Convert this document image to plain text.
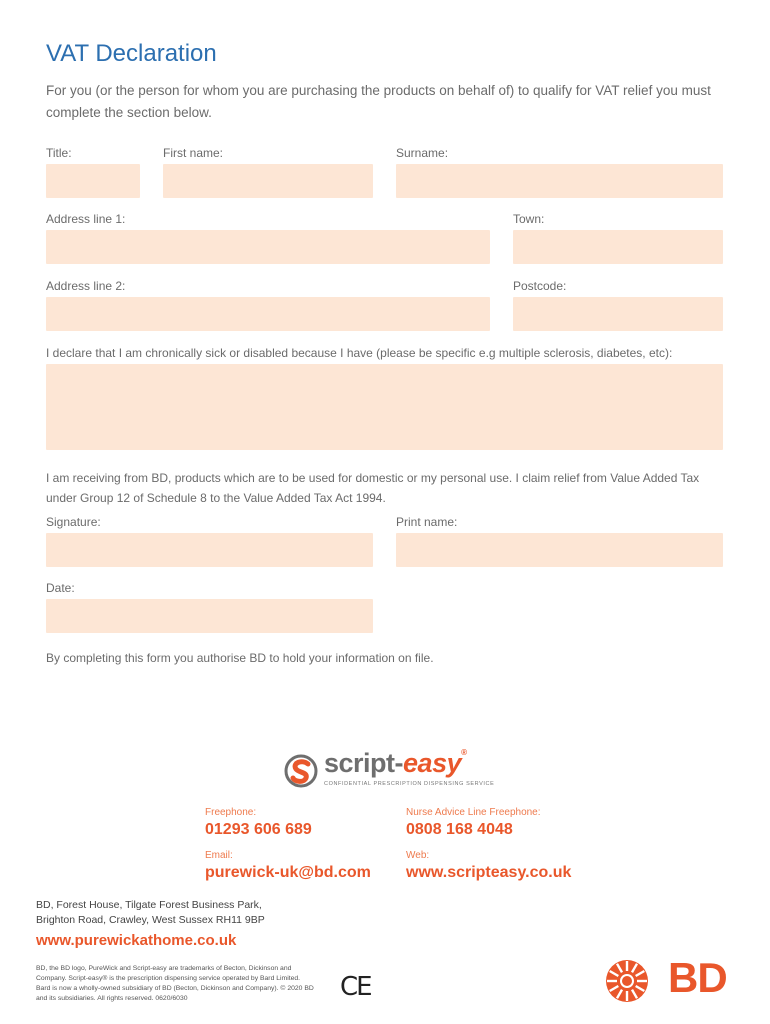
VAT Declaration
For you (or the person for whom you are purchasing the products on behalf of) to qualify for VAT relief you must complete the section below.
Title:	First name:	Surname:
Address line 1:	Town:
Address line 2:	Postcode:
I declare that I am chronically sick or disabled because I have (please be specific e.g multiple sclerosis, diabetes, etc):
I am receiving from BD, products which are to be used for domestic or my personal use. I claim relief from Value Added Tax under Group 12 of Schedule 8 to the Value Added Tax Act 1994.
Signature:	Print name:
Date:
By completing this form you authorise BD to hold your information on file.
script-easy®
CONFIDENTIAL PRESCRIPTION DISPENSING SERVICE
Freephone:
01293 606 689
Nurse Advice Line Freephone:
0808 168 4048
Email:
purewick-uk@bd.com
Web:
www.scripteasy.co.uk
BD, Forest House, Tilgate Forest Business Park,
Brighton Road, Crawley, West Sussex RH11 9BP
www.purewickathome.co.uk
BD, the BD logo, PureWick and Script-easy are trademarks of Becton, Dickinson and Company. Script-easy® is the prescription dispensing service operated by Bard Limited. Bard is now a wholly-owned subsidiary of BD (Becton, Dickinson and Company). © 2020 BD and its subsidiaries. All rights reserved. 0620/6030	CE	BD
